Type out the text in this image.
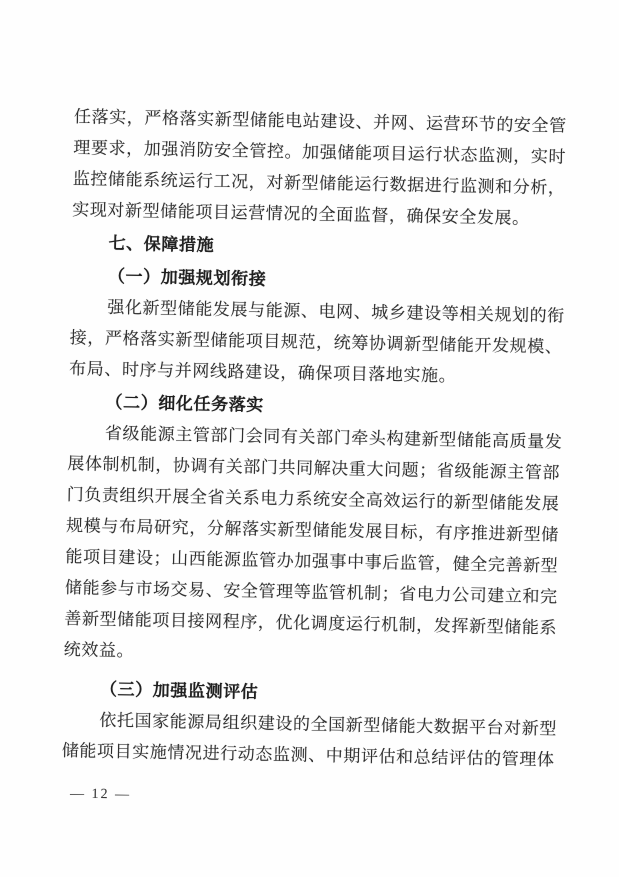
任落实，严格落实新型储能电站建设、并网、运营环节的安全管
理要求，加强消防安全管控。加强储能项目运行状态监测，实时
监控储能系统运行工况，对新型储能运行数据进行监测和分析，
实现对新型储能项目运营情况的全面监督，确保安全发展。
七、保障措施
（一）加强规划衔接
强化新型储能发展与能源、电网、城乡建设等相关规划的衔
接，严格落实新型储能项目规范，统筹协调新型储能开发规模、
布局、时序与并网线路建设，确保项目落地实施。
（二）细化任务落实
省级能源主管部门会同有关部门牵头构建新型储能高质量发
展体制机制，协调有关部门共同解决重大问题；省级能源主管部
门负责组织开展全省关系电力系统安全高效运行的新型储能发展
规模与布局研究，分解落实新型储能发展目标，有序推进新型储
能项目建设；山西能源监管办加强事中事后监管，健全完善新型
储能参与市场交易、安全管理等监管机制；省电力公司建立和完
善新型储能项目接网程序，优化调度运行机制，发挥新型储能系
统效益。
（三）加强监测评估
依托国家能源局组织建设的全国新型储能大数据平台对新型
储能项目实施情况进行动态监测、中期评估和总结评估的管理体
— 12 —
